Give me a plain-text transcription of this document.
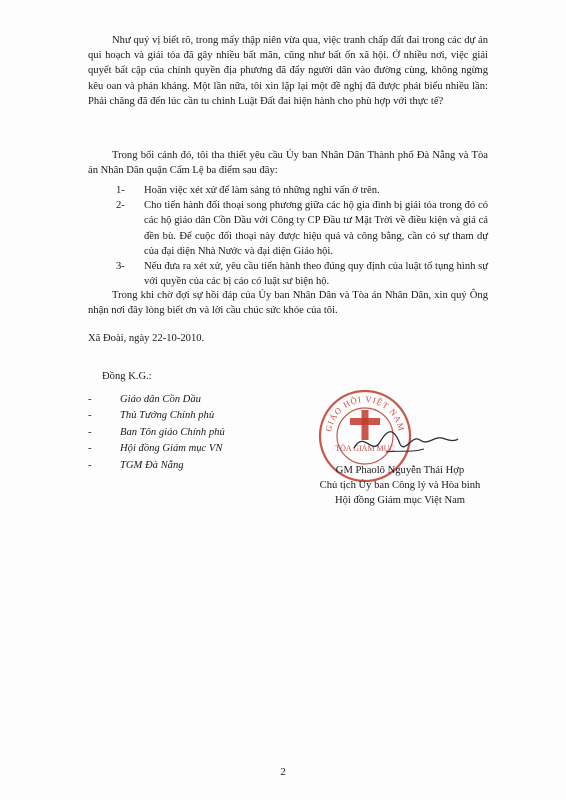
Như quý vị biết rõ, trong mấy thập niên vừa qua, việc tranh chấp đất đai trong các dự án qui hoạch và giải tỏa đã gây nhiều bất mãn, cũng như bất ổn xã hội. Ở nhiều nơi, việc giải quyết bất cập của chính quyền địa phương đã đẩy người dân vào đường cùng, không ngừng kêu oan và phản kháng. Một lần nữa, tôi xin lặp lại một đề nghị đã được phát biểu nhiều lần: Phải chăng đã đến lúc cần tu chỉnh Luật Đất đai hiện hành cho phù hợp với thực tế?
Trong bối cảnh đó, tôi tha thiết yêu cầu Ủy ban Nhân Dân Thành phố Đà Nẵng và Tòa án Nhân Dân quận Cẩm Lệ ba điểm sau đây:
1-	Hoãn việc xét xử để làm sáng tỏ những nghi vấn ở trên.
2-	Cho tiến hành đối thoại song phương giữa các hộ gia đình bị giải tỏa trong đó có các hộ giáo dân Cồn Dầu với Công ty CP Đầu tư Mặt Trời về điều kiện và giá cả đền bù. Để cuộc đối thoại này được hiệu quả và công bằng, cần có sự tham dự của đại diện Nhà Nước và đại diện Giáo hội.
3-	Nếu đưa ra xét xử, yêu cầu tiến hành theo đúng quy định của luật tố tụng hình sự với quyền của các bị cáo có luật sư biện hộ.
Trong khi chờ đợi sự hồi đáp của Ủy ban Nhân Dân và Tòa án Nhân Dân, xin quý Ông nhận nơi đây lòng biết ơn và lời cầu chúc sức khỏe của tôi.
Xã Đoài, ngày 22-10-2010.
Đồng K.G.:
-	Giáo dân Cồn Dầu
-	Thủ Tướng Chính phủ
-	Ban Tôn giáo Chính phủ
-	Hội đồng Giám mục VN
-	TGM Đà Nẵng
GIÁO HỘI VIỆT NAM
TÒA GIÁM MỤC
GM Phaolô Nguyễn Thái Hợp
Chủ tịch Ủy ban Công lý và Hòa bình
Hội đồng Giám mục Việt Nam
2
